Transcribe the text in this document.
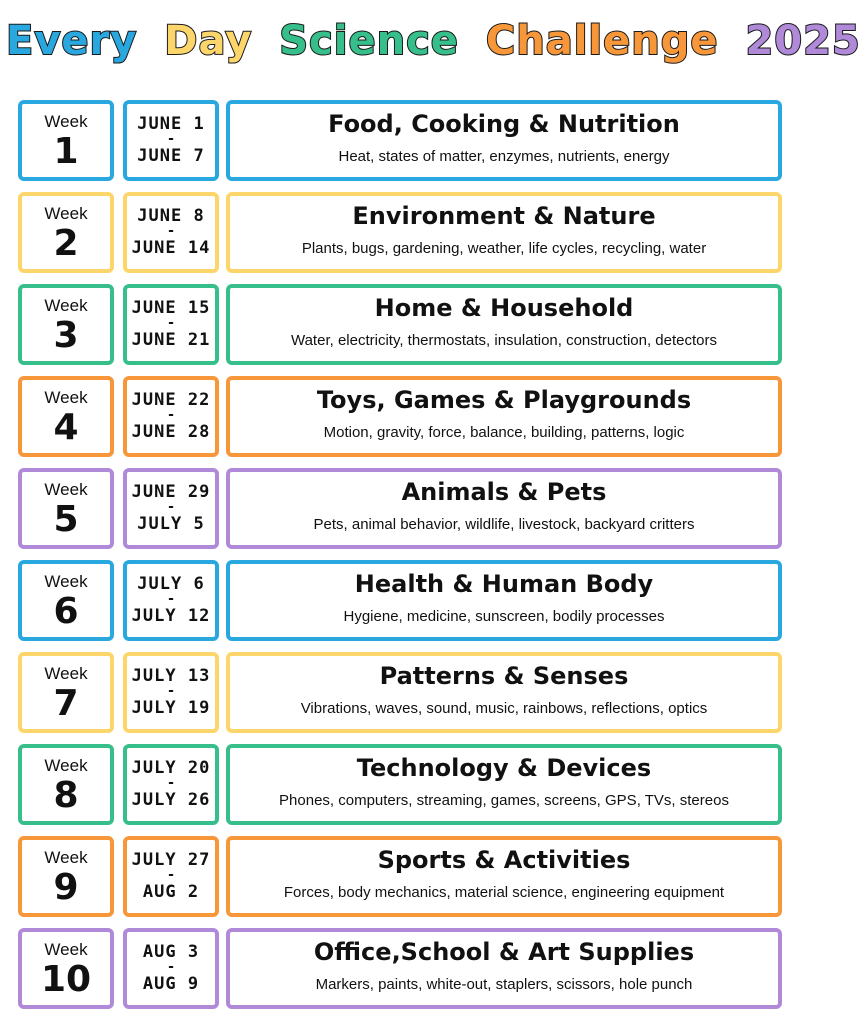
Every Day Science Challenge 2025
Week
1
JUNE 1
-
JUNE 7
Food, Cooking & Nutrition
Heat, states of matter, enzymes, nutrients, energy
Week
2
JUNE 8
-
JUNE 14
Environment & Nature
Plants, bugs, gardening, weather, life cycles, recycling, water
Week
3
JUNE 15
-
JUNE 21
Home & Household
Water, electricity, thermostats, insulation, construction, detectors
Week
4
JUNE 22
-
JUNE 28
Toys, Games & Playgrounds
Motion, gravity, force, balance, building, patterns, logic
Week
5
JUNE 29
-
JULY 5
Animals & Pets
Pets, animal behavior, wildlife, livestock, backyard critters
Week
6
JULY 6
-
JULY 12
Health & Human Body
Hygiene, medicine, sunscreen, bodily processes
Week
7
JULY 13
-
JULY 19
Patterns & Senses
Vibrations, waves, sound, music, rainbows, reflections, optics
Week
8
JULY 20
-
JULY 26
Technology & Devices
Phones, computers, streaming, games, screens, GPS, TVs, stereos
Week
9
JULY 27
-
AUG 2
Sports & Activities
Forces, body mechanics, material science, engineering equipment
Week
10
AUG 3
-
AUG 9
Office,School & Art Supplies
Markers, paints, white-out, staplers, scissors, hole punch
